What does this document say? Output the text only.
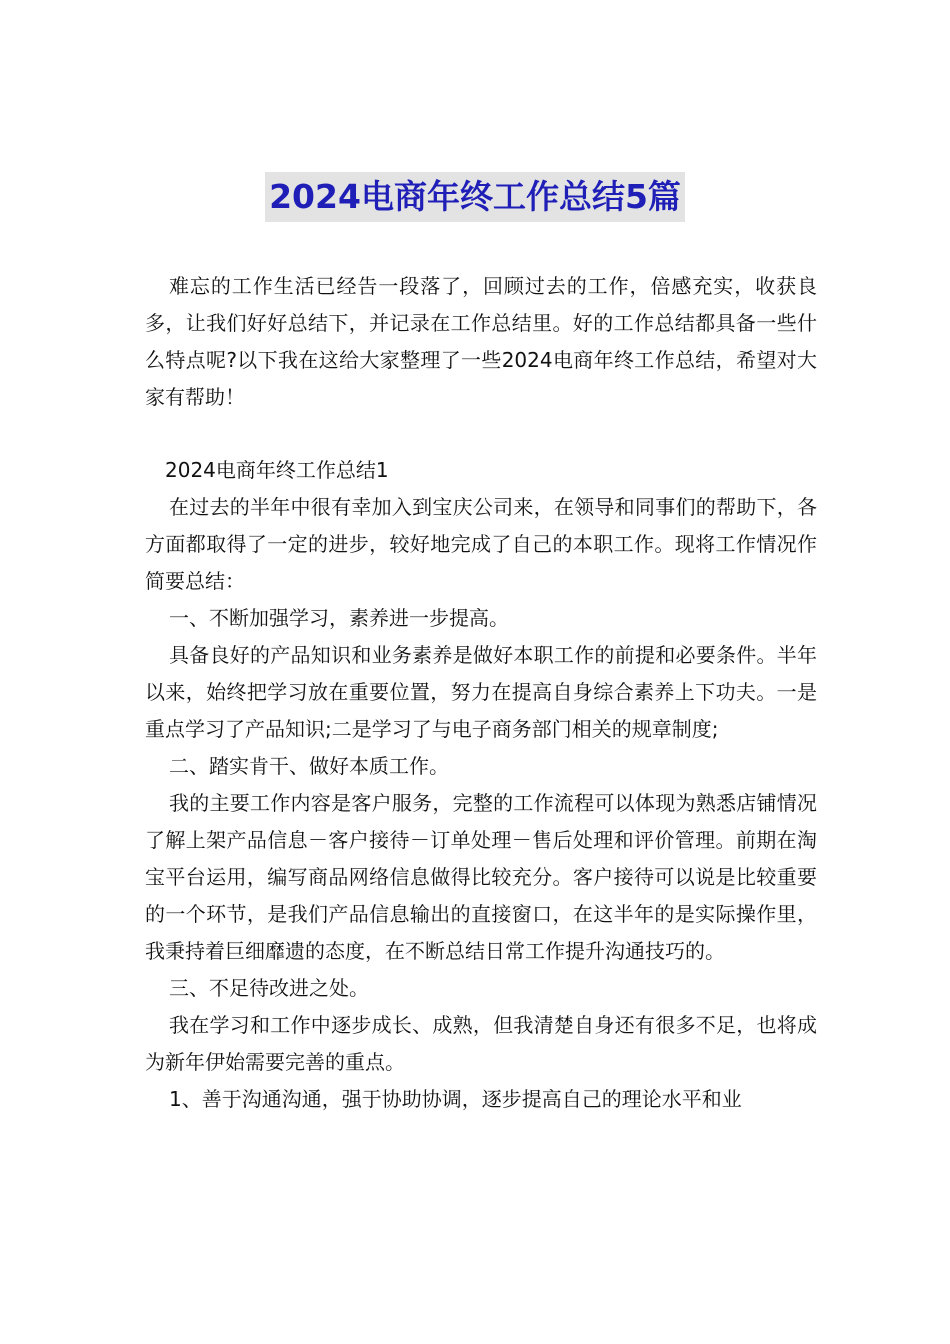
2024电商年终工作总结5篇

难忘的工作生活已经告一段落了，回顾过去的工作，倍感充实，收获良多，让我们好好总结下，并记录在工作总结里。好的工作总结都具备一些什么特点呢?以下我在这给大家整理了一些2024电商年终工作总结，希望对大家有帮助！

2024电商年终工作总结1

在过去的半年中很有幸加入到宝庆公司来，在领导和同事们的帮助下，各方面都取得了一定的进步，较好地完成了自己的本职工作。现将工作情况作简要总结：

一、不断加强学习，素养进一步提高。

具备良好的产品知识和业务素养是做好本职工作的前提和必要条件。半年以来，始终把学习放在重要位置，努力在提高自身综合素养上下功夫。一是重点学习了产品知识;二是学习了与电子商务部门相关的规章制度;

二、踏实肯干、做好本质工作。

我的主要工作内容是客户服务，完整的工作流程可以体现为熟悉店铺情况了解上架产品信息－客户接待－订单处理－售后处理和评价管理。前期在淘宝平台运用，编写商品网络信息做得比较充分。客户接待可以说是比较重要的一个环节，是我们产品信息输出的直接窗口，在这半年的是实际操作里，我秉持着巨细靡遗的态度，在不断总结日常工作提升沟通技巧的。

三、不足待改进之处。

我在学习和工作中逐步成长、成熟，但我清楚自身还有很多不足，也将成为新年伊始需要完善的重点。

1、善于沟通沟通，强于协助协调，逐步提高自己的理论水平和业
